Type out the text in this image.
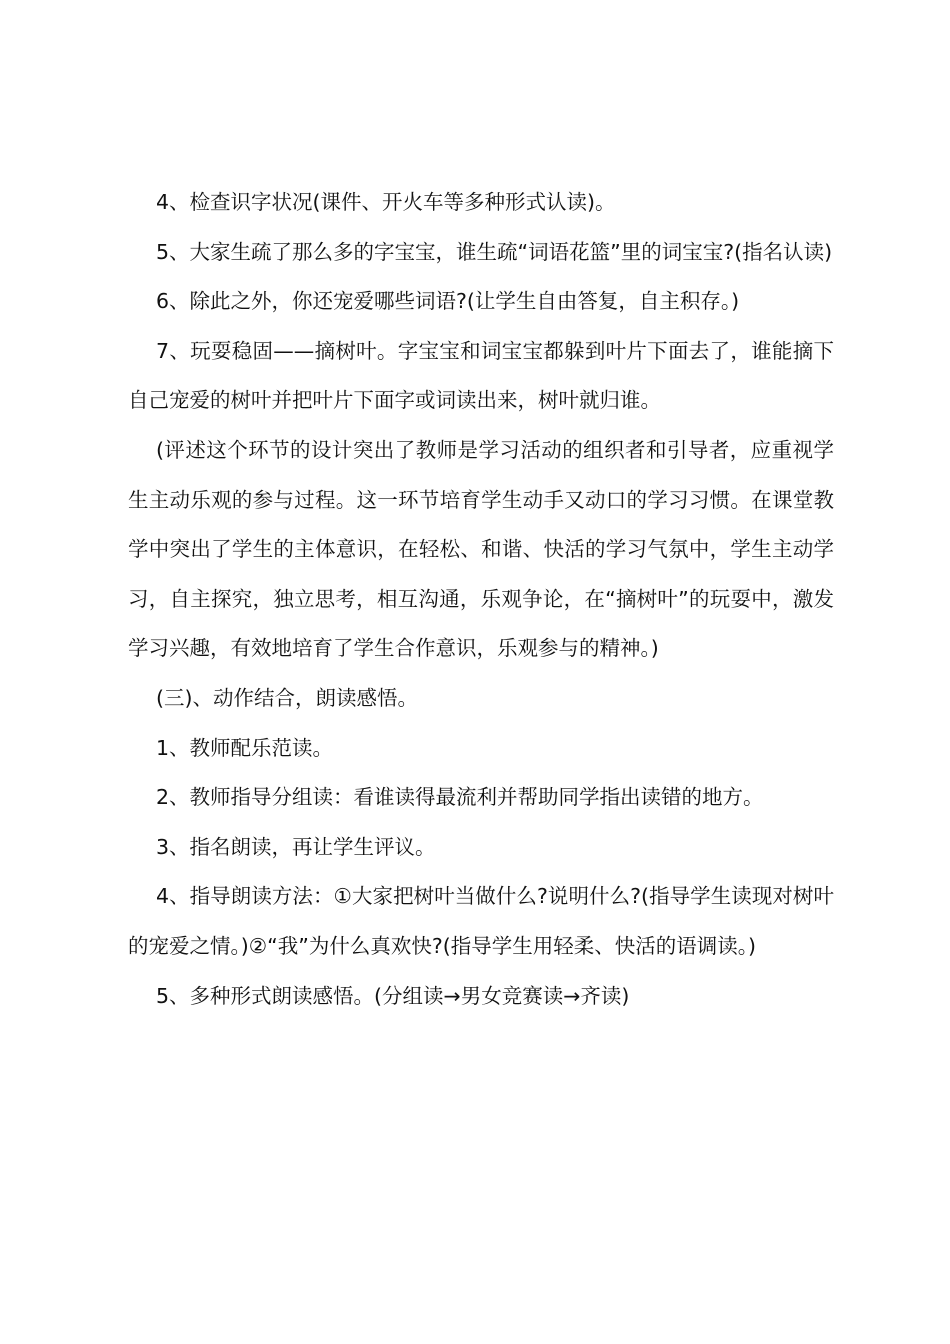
4、检查识字状况(课件、开火车等多种形式认读)。

5、大家生疏了那么多的字宝宝，谁生疏“词语花篮”里的词宝宝?(指名认读)

6、除此之外，你还宠爱哪些词语?(让学生自由答复，自主积存。)

7、玩耍稳固——摘树叶。字宝宝和词宝宝都躲到叶片下面去了，谁能摘下自己宠爱的树叶并把叶片下面字或词读出来，树叶就归谁。

(评述这个环节的设计突出了教师是学习活动的组织者和引导者，应重视学生主动乐观的参与过程。这一环节培育学生动手又动口的学习习惯。在课堂教学中突出了学生的主体意识，在轻松、和谐、快活的学习气氛中，学生主动学习，自主探究，独立思考，相互沟通，乐观争论，在“摘树叶”的玩耍中，激发学习兴趣，有效地培育了学生合作意识，乐观参与的精神。)

(三)、动作结合，朗读感悟。

1、教师配乐范读。

2、教师指导分组读：看谁读得最流利并帮助同学指出读错的地方。

3、指名朗读，再让学生评议。

4、指导朗读方法：①大家把树叶当做什么?说明什么?(指导学生读现对树叶的宠爱之情。)②“我”为什么真欢快?(指导学生用轻柔、快活的语调读。)

5、多种形式朗读感悟。(分组读→男女竞赛读→齐读)
